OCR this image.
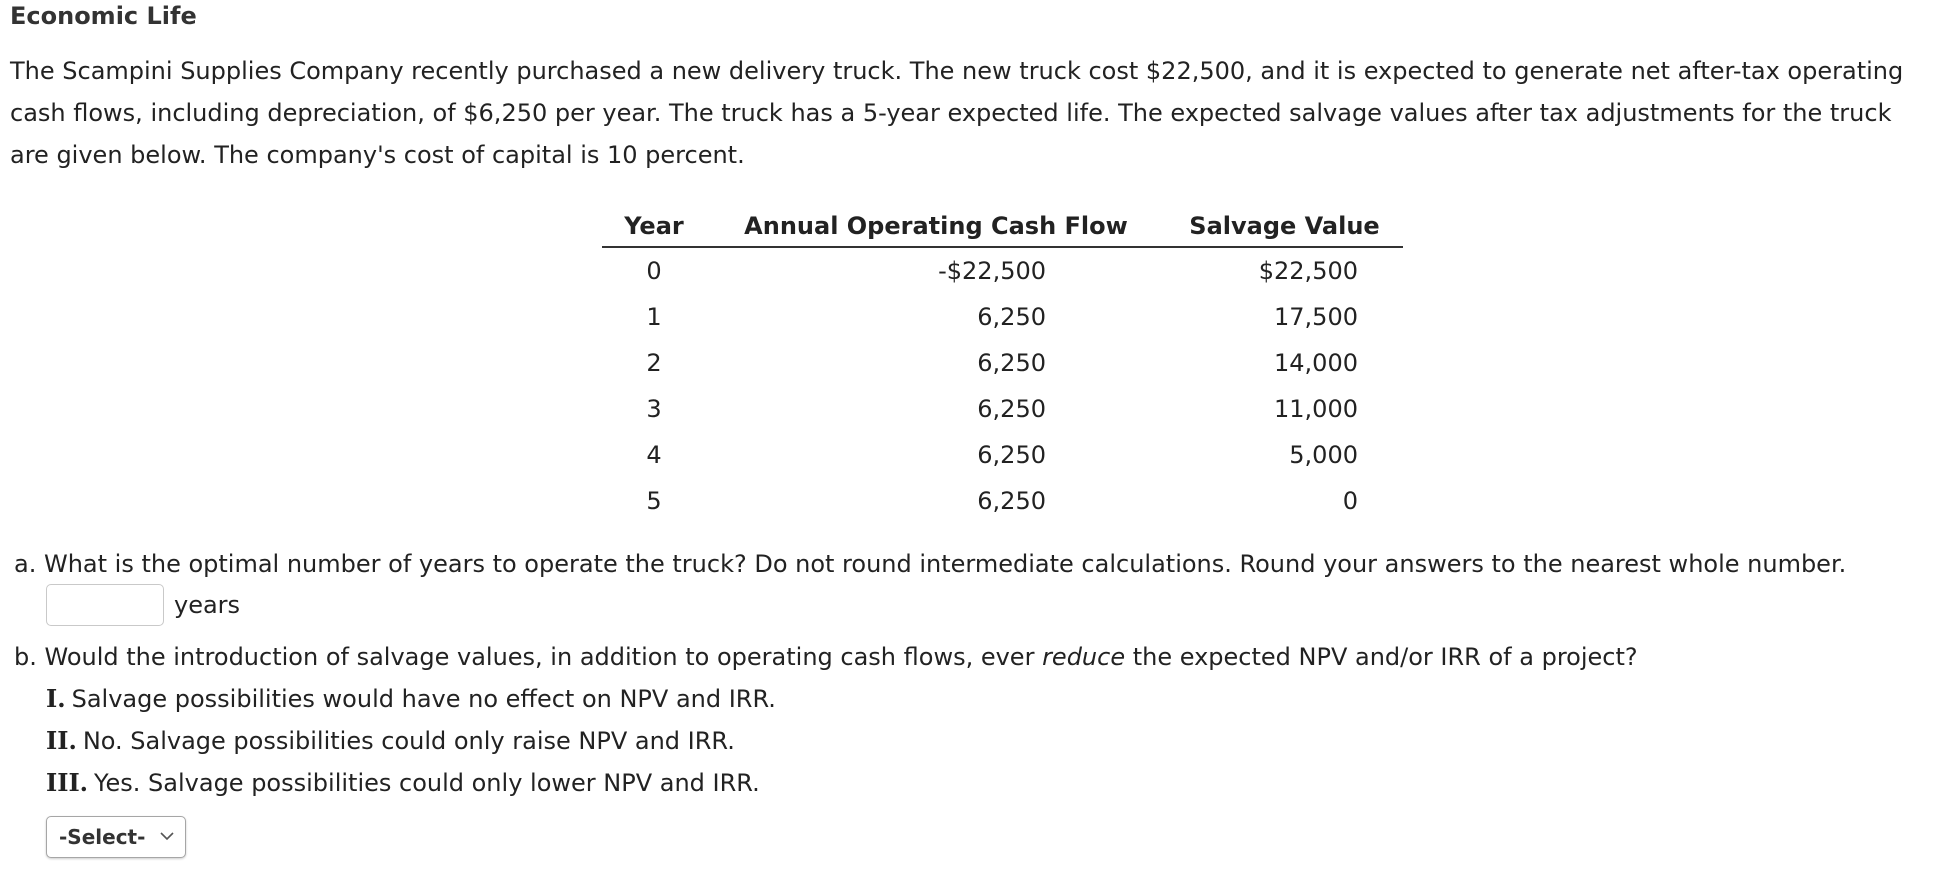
Economic Life

The Scampini Supplies Company recently purchased a new delivery truck. The new truck cost $22,500, and it is expected to generate net after-tax operating cash flows, including depreciation, of $6,250 per year. The truck has a 5-year expected life. The expected salvage values after tax adjustments for the truck are given below. The company's cost of capital is 10 percent.

Year	Annual Operating Cash Flow	Salvage Value
0	-$22,500	$22,500
1	6,250	17,500
2	6,250	14,000
3	6,250	11,000
4	6,250	5,000
5	6,250	0

a. What is the optimal number of years to operate the truck? Do not round intermediate calculations. Round your answers to the nearest whole number.

years

b. Would the introduction of salvage values, in addition to operating cash flows, ever reduce the expected NPV and/or IRR of a project?

I. Salvage possibilities would have no effect on NPV and IRR.
II. No. Salvage possibilities could only raise NPV and IRR.
III. Yes. Salvage possibilities could only lower NPV and IRR.
-Select-
